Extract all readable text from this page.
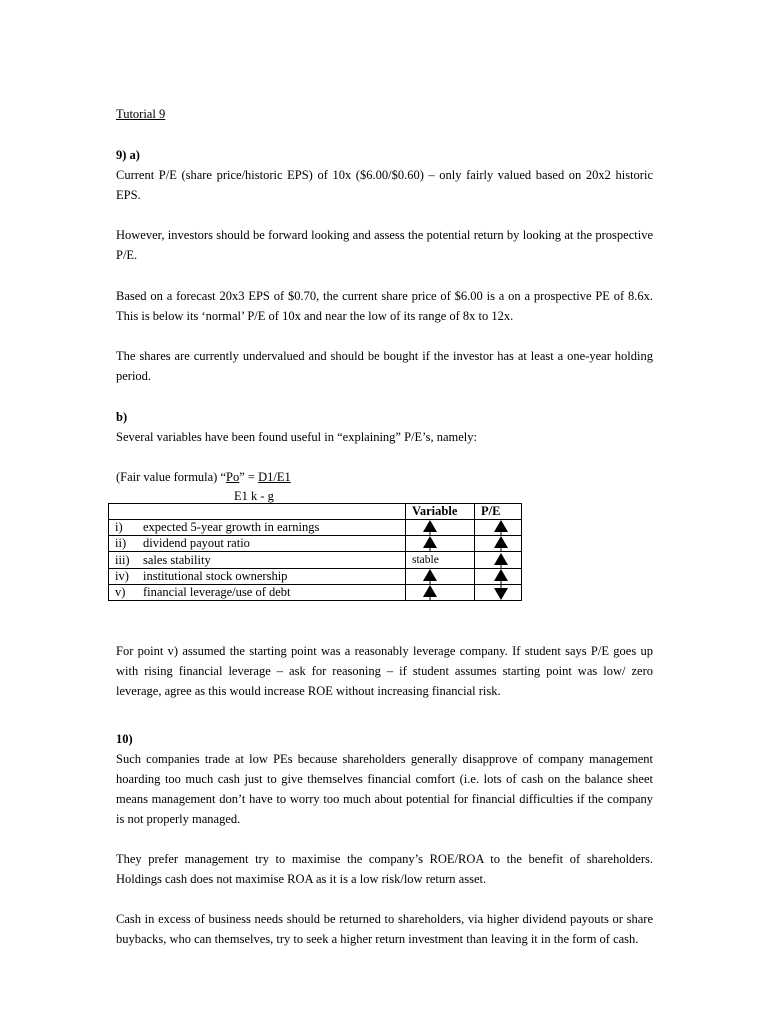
Tutorial 9

9) a)

Current P/E (share price/historic EPS) of 10x ($6.00/$0.60) – only fairly valued based on 20x2 historic EPS.

However, investors should be forward looking and assess the potential return by looking at the prospective P/E.

Based on a forecast 20x3 EPS of $0.70, the current share price of $6.00 is a on a prospective PE of 8.6x. This is below its ‘normal’ P/E of 10x and near the low of its range of 8x to 12x.

The shares are currently undervalued and should be bought if the investor has at least a one-year holding period.

b)

Several variables have been found useful in “explaining” P/E’s, namely:

(Fair value formula) “Po” = D1/E1
E1 k - g
	Variable	P/E
i) expected 5-year growth in earnings	

ii) dividend payout ratio	

iii) sales stability	stable	

iv) institutional stock ownership	

v) financial leverage/use of debt	

For point v) assumed the starting point was a reasonably leverage company. If student says P/E goes up with rising financial leverage – ask for reasoning – if student assumes starting point was low/ zero leverage, agree as this would increase ROE without increasing financial risk.

10)

Such companies trade at low PEs because shareholders generally disapprove of company management hoarding too much cash just to give themselves financial comfort (i.e. lots of cash on the balance sheet means management don’t have to worry too much about potential for financial difficulties if the company is not properly managed.

They prefer management try to maximise the company’s ROE/ROA to the benefit of shareholders. Holdings cash does not maximise ROA as it is a low risk/low return asset.

Cash in excess of business needs should be returned to shareholders, via higher dividend payouts or share buybacks, who can themselves, try to seek a higher return investment than leaving it in the form of cash.
